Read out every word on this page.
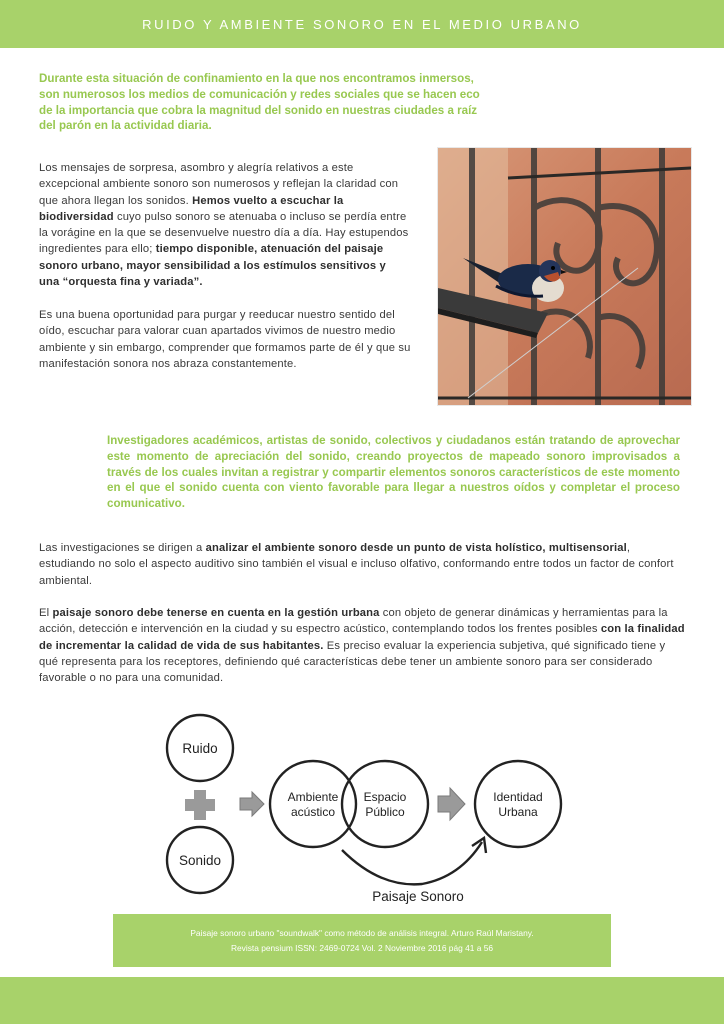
RUIDO Y AMBIENTE SONORO EN EL MEDIO URBANO
Durante esta situación de confinamiento en la que nos encontramos inmersos, son numerosos los medios de comunicación y redes sociales que se hacen eco de la importancia que cobra la magnitud del sonido en nuestras ciudades a raíz del parón en la actividad diaria.
Los mensajes de sorpresa, asombro y alegría relativos a este excepcional ambiente sonoro son numerosos y reflejan la claridad con que ahora llegan los sonidos. Hemos vuelto a escuchar la biodiversidad cuyo pulso sonoro se atenuaba o incluso se perdía entre la vorágine en la que se desenvuelve nuestro día a día. Hay estupendos ingredientes para ello; tiempo disponible, atenuación del paisaje sonoro urbano, mayor sensibilidad a los estímulos sensitivos y una “orquesta fina y variada”.
Es una buena oportunidad para purgar y reeducar nuestro sentido del oído, escuchar para valorar cuan apartados vivimos de nuestro medio ambiente y sin embargo, comprender que formamos parte de él y que su manifestación sonora nos abraza constantemente.
Investigadores académicos, artistas de sonido, colectivos y ciudadanos están tratando de aprovechar este momento de apreciación del sonido, creando proyectos de mapeado sonoro improvisados a través de los cuales invitan a registrar y compartir elementos sonoros característicos de este momento en el que el sonido cuenta con viento favorable para llegar a nuestros oídos y completar el proceso comunicativo.
Las investigaciones se dirigen a analizar el ambiente sonoro desde un punto de vista holístico, multisensorial, estudiando no solo el aspecto auditivo sino también el visual e incluso olfativo, conformando entre todos un factor de confort ambiental.
El paisaje sonoro debe tenerse en cuenta en la gestión urbana con objeto de generar dinámicas y herramientas para la acción, detección e intervención en la ciudad y su espectro acústico, contemplando todos los frentes posibles con la finalidad de incrementar la calidad de vida de sus habitantes. Es preciso evaluar la experiencia subjetiva, qué significado tiene y qué representa para los receptores, definiendo qué características debe tener un ambiente sonoro para ser considerado favorable o no para una comunidad.
Ruido
Sonido
Ambiente
acústico
Espacio
Público
Identidad
Urbana
Paisaje Sonoro
Paisaje sonoro urbano "soundwalk" como método de análisis integral. Arturo Raúl Maristany.
Revista pensium ISSN: 2469-0724 Vol. 2 Noviembre 2016 pág 41 a 56
